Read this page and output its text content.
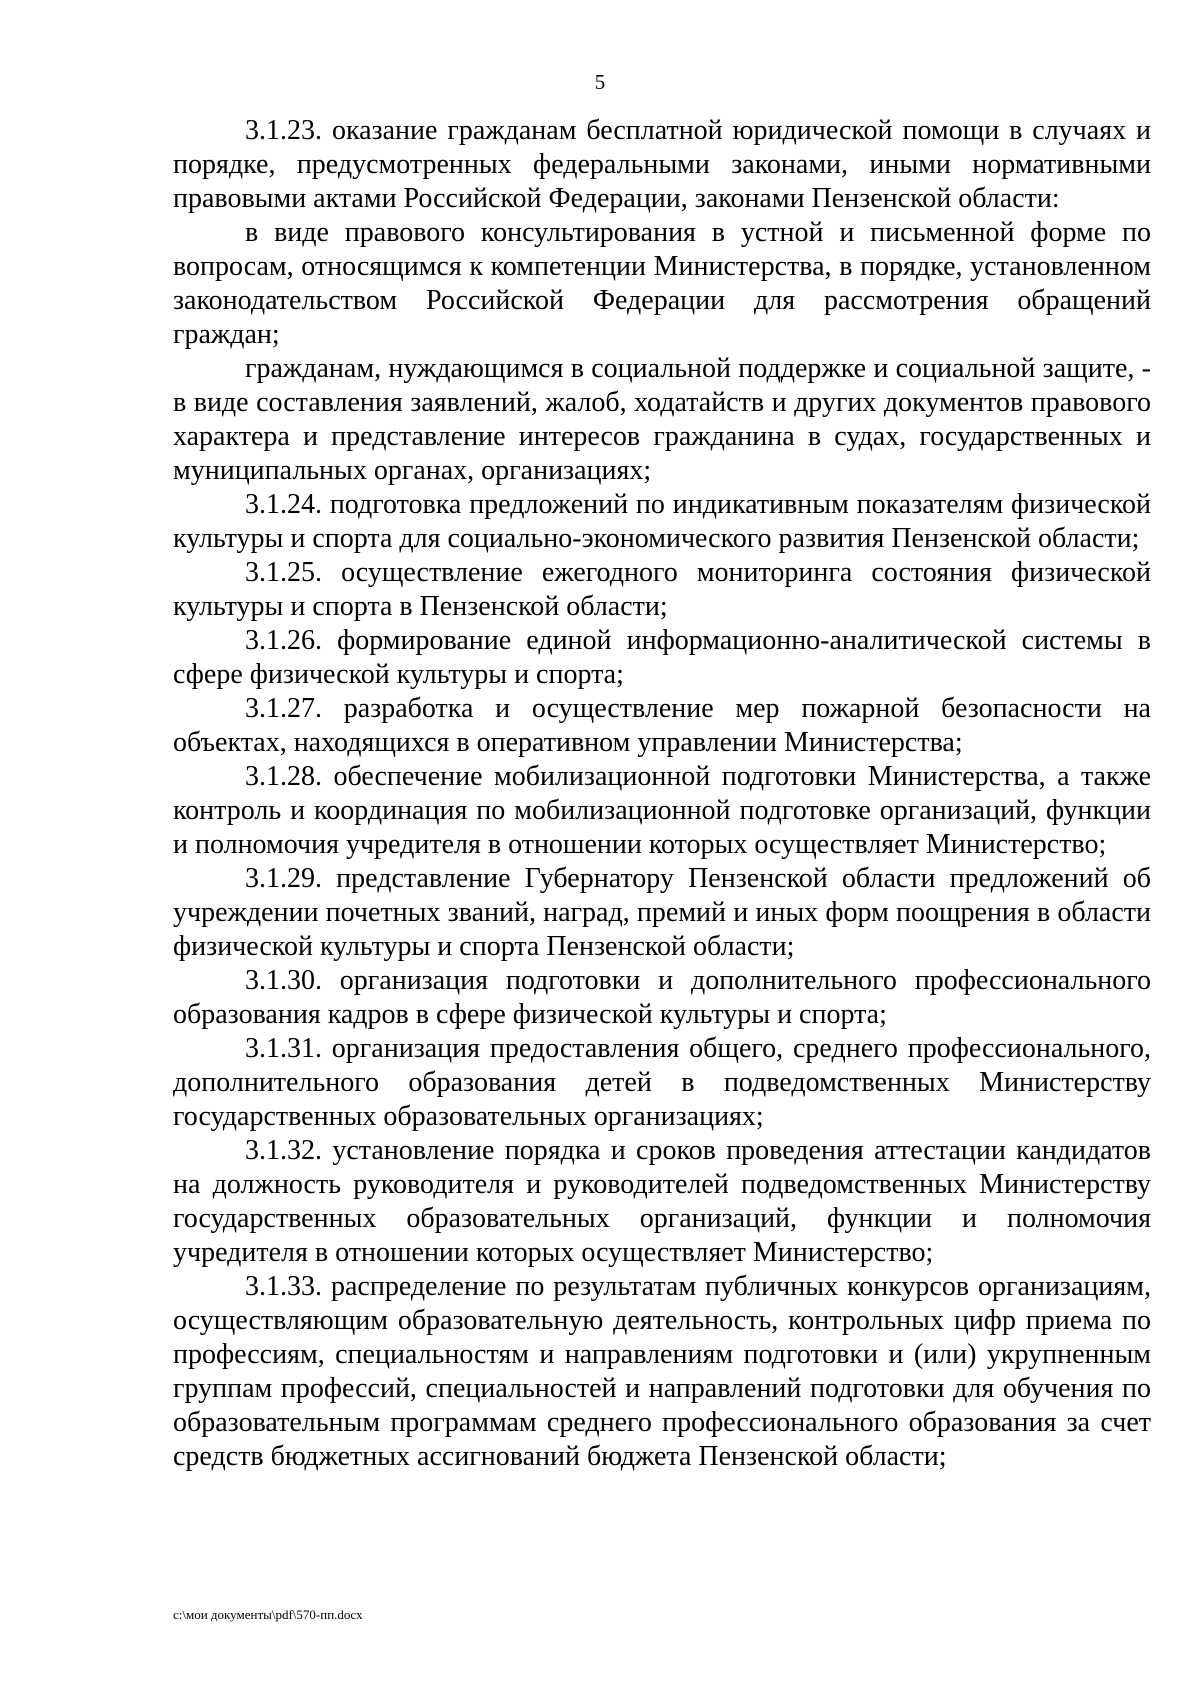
5

3.1.23. оказание гражданам бесплатной юридической помощи в случаях и порядке, предусмотренных федеральными законами, иными нормативными правовыми актами Российской Федерации, законами Пензенской области:

в виде правового консультирования в устной и письменной форме по вопросам, относящимся к компетенции Министерства, в порядке, установленном законодательством Российской Федерации для рассмотрения обращений граждан;

гражданам, нуждающимся в социальной поддержке и социальной защите, - в виде составления заявлений, жалоб, ходатайств и других документов правового характера и представление интересов гражданина в судах, государственных и муниципальных органах, организациях;

3.1.24. подготовка предложений по индикативным показателям физической культуры и спорта для социально-экономического развития Пензенской области;

3.1.25. осуществление ежегодного мониторинга состояния физической культуры и спорта в Пензенской области;

3.1.26. формирование единой информационно-аналитической системы в сфере физической культуры и спорта;

3.1.27. разработка и осуществление мер пожарной безопасности на объектах, находящихся в оперативном управлении Министерства;

3.1.28. обеспечение мобилизационной подготовки Министерства, а также контроль и координация по мобилизационной подготовке организаций, функции и полномочия учредителя в отношении которых осуществляет Министерство;

3.1.29. представление Губернатору Пензенской области предложений об учреждении почетных званий, наград, премий и иных форм поощрения в области физической культуры и спорта Пензенской области;

3.1.30. организация подготовки и дополнительного профессионального образования кадров в сфере физической культуры и спорта;

3.1.31. организация предоставления общего, среднего профессионального, дополнительного образования детей в подведомственных Министерству государственных образовательных организациях;

3.1.32. установление порядка и сроков проведения аттестации кандидатов на должность руководителя и руководителей подведомственных Министерству государственных образовательных организаций, функции и полномочия учредителя в отношении которых осуществляет Министерство;

3.1.33. распределение по результатам публичных конкурсов организациям, осуществляющим образовательную деятельность, контрольных цифр приема по профессиям, специальностям и направлениям подготовки и (или) укрупненным группам профессий, специальностей и направлений подготовки для обучения по образовательным программам среднего профессионального образования за счет средств бюджетных ассигнований бюджета Пензенской области;

c:\мои документы\pdf\570-пп.docx
